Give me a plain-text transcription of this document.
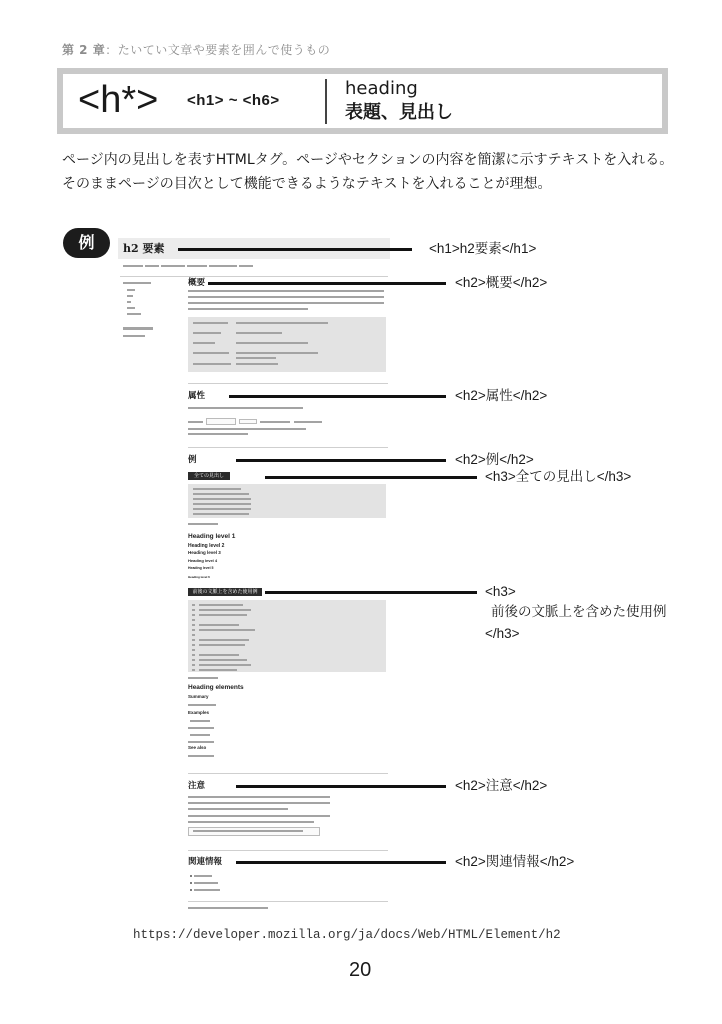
第 2 章：たいてい文章や要素を囲んで使うもの
<h*> <h1> ~ <h6>
heading
表題、見出し
ページ内の見出しを表すHTMLタグ。ページやセクションの内容を簡潔に示すテキストを入れる。
そのままページの目次として機能できるようなテキストを入れることが理想。
例	h2 要素
概要
属性
例
全ての見出し
Heading level 1
Heading level 2
Heading level 3
Heading level 4
Heading level 5
Heading level 6
前後の文脈上を含めた使用例
Heading elements
Summary
Examples
See also
注意
関連情報
<h1>h2要素</h1>
<h2>概要</h2>
<h2>属性</h2>
<h2>例</h2>
<h3>全ての見出し</h3>
<h3>
前後の文脈上を含めた使用例
</h3>
<h2>注意</h2>
<h2>関連情報</h2>
https://developer.mozilla.org/ja/docs/Web/HTML/Element/h2
20
